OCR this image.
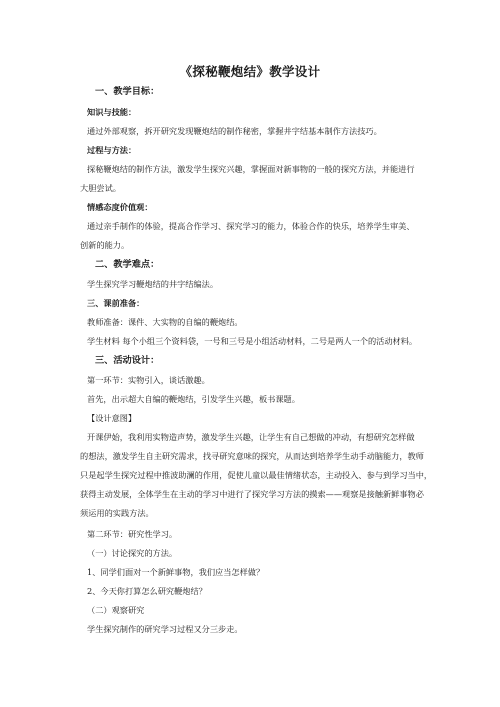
《探秘鞭炮结》教学设计
一、教学目标：
知识与技能：
通过外部观察，拆开研究发现鞭炮结的制作秘密，掌握井字结基本制作方法技巧。
过程与方法：
探秘鞭炮结的制作方法，激发学生探究兴趣，掌握面对新事物的一般的探究方法，并能进行
大胆尝试。
情感态度价值观：
通过亲手制作的体验，提高合作学习、探究学习的能力，体验合作的快乐，培养学生审美、
创新的能力。
二、教学难点：
学生探究学习鞭炮结的井字结编法。
三、课前准备：
教师准备：课件、大实物的自编的鞭炮结。
学生材料 每个小组三个资料袋，一号和三号是小组活动材料，二号是两人一个的活动材料。
三、活动设计：
第一环节：实物引入，谈话激趣。
首先，出示超大自编的鞭炮结，引发学生兴趣，板书课题。
【设计意图】
开课伊始，我利用实物造声势，激发学生兴趣，让学生有自己想做的冲动，有想研究怎样做
的想法，激发学生自主研究需求，找寻研究意味的探究，从而达到培养学生动手动脑能力，教师
只是起学生探究过程中推波助澜的作用，促使儿童以最佳情绪状态，主动投入、参与到学习当中，
获得主动发展，全体学生在主动的学习中进行了探究学习方法的摸索——观察是接触新鲜事物必
须运用的实践方法。
第二环节：研究性学习。
（一）讨论探究的方法。
1、同学们面对一个新鲜事物，我们应当怎样做？
2、今天你打算怎么研究鞭炮结？
（二）观察研究
学生探究制作的研究学习过程又分三步走。
